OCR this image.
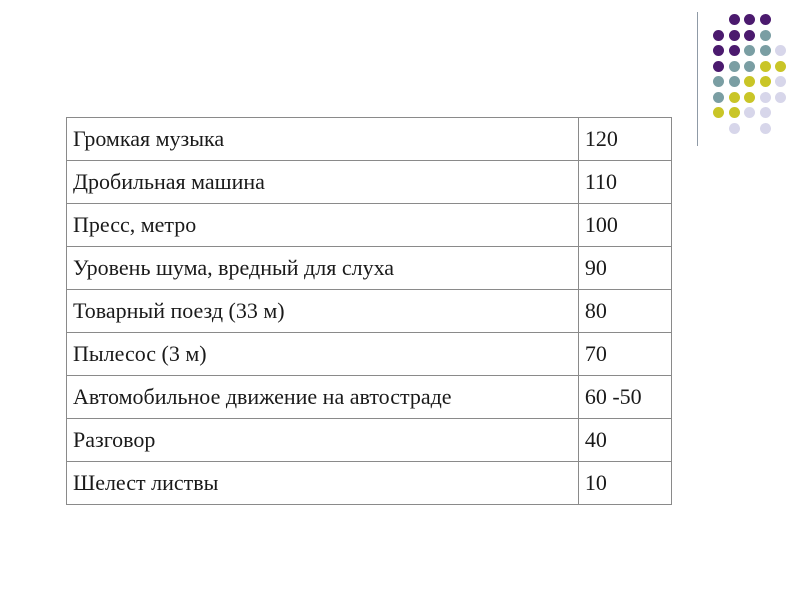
Громкая музыка	120
Дробильная машина	110
Пресс, метро	100
Уровень шума, вредный для слуха	90
Товарный поезд (33 м)	80
Пылесос (3 м)	70
Автомобильное движение на автостраде	60 -50
Разговор	40
Шелест листвы	10
